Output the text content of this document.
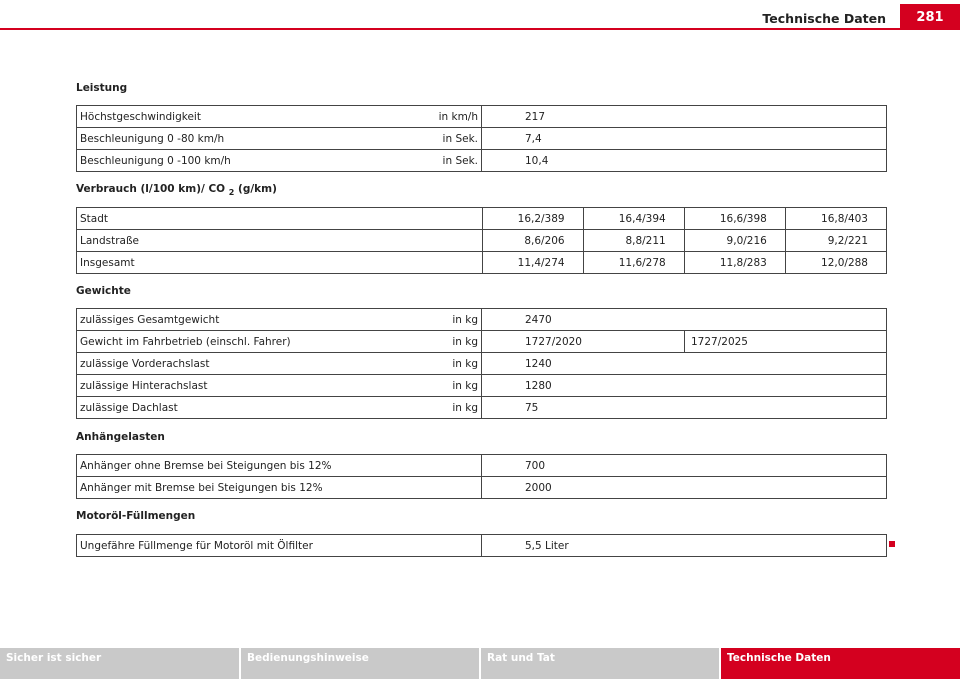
Technische Daten	281
Leistung
Höchstgeschwindigkeit in km/h	217
Beschleunigung 0 -80 km/h in Sek.	7,4
Beschleunigung 0 -100 km/h in Sek.	10,4
Verbrauch (l/100 km)/ CO $_2$ (g/km)
Stadt	16,2/389	16,4/394	16,6/398	16,8/403
Landstraße	8,6/206	8,8/211	9,0/216	9,2/221
Insgesamt	11,4/274	11,6/278	11,8/283	12,0/288
Gewichte
zulässiges Gesamtgewicht in kg	2470	
Gewicht im Fahrbetrieb (einschl. Fahrer) in kg	1727/2020	1727/2025
zulässige Vorderachslast in kg	1240	
zulässige Hinterachslast in kg	1280	
zulässige Dachlast in kg	75	
Anhängelasten
Anhänger ohne Bremse bei Steigungen bis 12%	700
Anhänger mit Bremse bei Steigungen bis 12%	2000
Motoröl-Füllmengen
Ungefähre Füllmenge für Motoröl mit Ölfilter	5,5 Liter
Sicher ist sicher	Bedienungshinweise	Rat und Tat	Technische Daten
